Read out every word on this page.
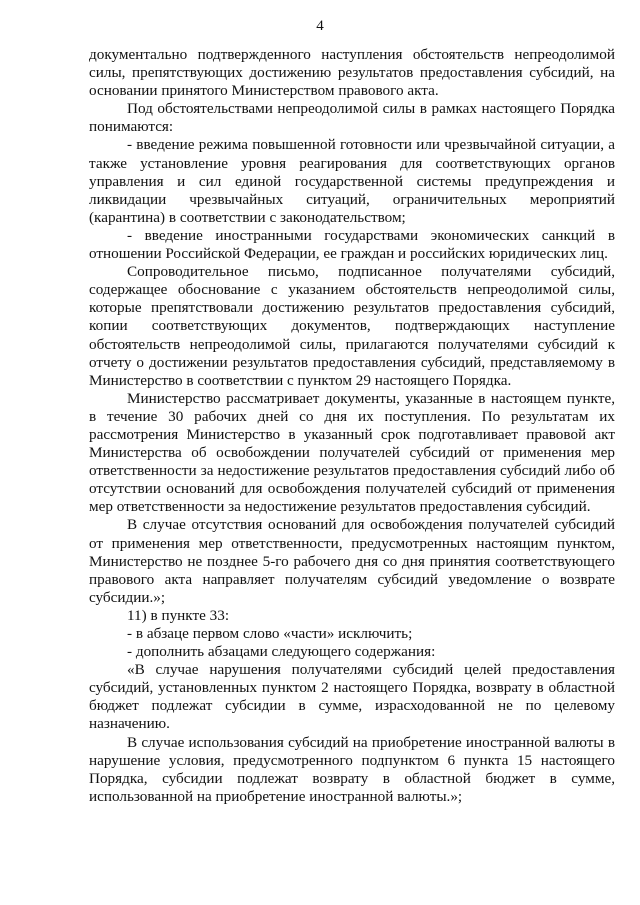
4

документально подтвержденного наступления обстоятельств непреодолимой силы, препятствующих достижению результатов предоставления субсидий, на основании принятого Министерством правового акта.

Под обстоятельствами непреодолимой силы в рамках настоящего Порядка понимаются:

- введение режима повышенной готовности или чрезвычайной ситуации, а также установление уровня реагирования для соответствующих органов управления и сил единой государственной системы предупреждения и ликвидации чрезвычайных ситуаций, ограничительных мероприятий (карантина) в соответствии с законодательством;

- введение иностранными государствами экономических санкций в отношении Российской Федерации, ее граждан и российских юридических лиц.

Сопроводительное письмо, подписанное получателями субсидий, содержащее обоснование с указанием обстоятельств непреодолимой силы, которые препятствовали достижению результатов предоставления субсидий, копии соответствующих документов, подтверждающих наступление обстоятельств непреодолимой силы, прилагаются получателями субсидий к отчету о достижении результатов предоставления субсидий, представляемому в Министерство в соответствии с пунктом 29 настоящего Порядка.

Министерство рассматривает документы, указанные в настоящем пункте, в течение 30 рабочих дней со дня их поступления. По результатам их рассмотрения Министерство в указанный срок подготавливает правовой акт Министерства об освобождении получателей субсидий от применения мер ответственности за недостижение результатов предоставления субсидий либо об отсутствии оснований для освобождения получателей субсидий от применения мер ответственности за недостижение результатов предоставления субсидий.

В случае отсутствия оснований для освобождения получателей субсидий от применения мер ответственности, предусмотренных настоящим пунктом, Министерство не позднее 5-го рабочего дня со дня принятия соответствующего правового акта направляет получателям субсидий уведомление о возврате субсидии.»;

11) в пункте 33:

- в абзаце первом слово «части» исключить;

- дополнить абзацами следующего содержания:

«В случае нарушения получателями субсидий целей предоставления субсидий, установленных пунктом 2 настоящего Порядка, возврату в областной бюджет подлежат субсидии в сумме, израсходованной не по целевому назначению.

В случае использования субсидий на приобретение иностранной валюты в нарушение условия, предусмотренного подпунктом 6 пункта 15 настоящего Порядка, субсидии подлежат возврату в областной бюджет в сумме, использованной на приобретение иностранной валюты.»;
